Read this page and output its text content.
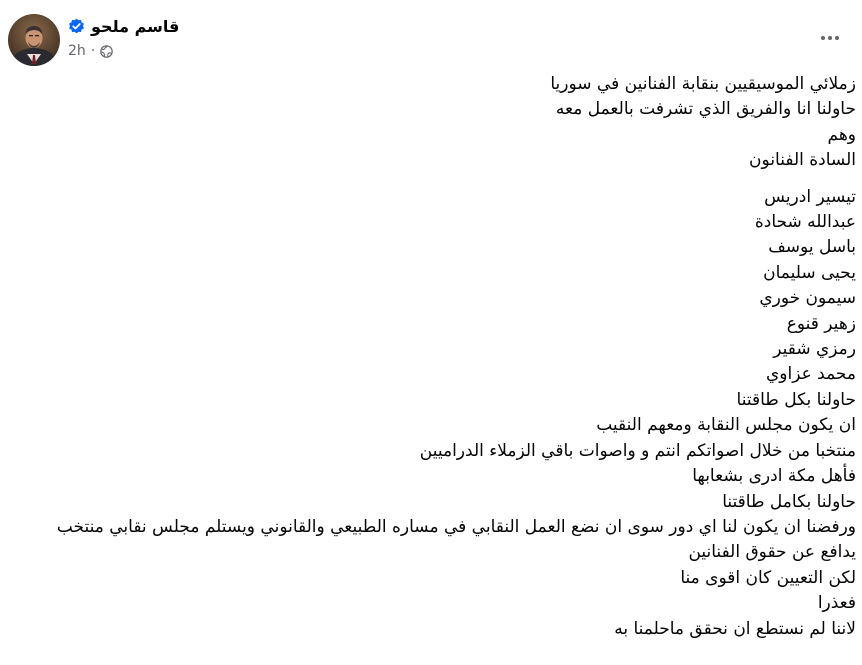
قاسم ملحو
2h ·

زملائي الموسيقيين بنقابة الفنانين في سوريا

حاولنا انا والفريق الذي تشرفت بالعمل معه

وهم

السادة الفنانون

تيسير ادريس

عبدالله شحادة

باسل يوسف

يحيى سليمان

سيمون خوري

زهير قنوع

رمزي شقير

محمد عزاوي

حاولنا بكل طاقتنا

ان يكون مجلس النقابة ومعهم النقيب

منتخبا من خلال اصواتكم انتم و واصوات باقي الزملاء الدراميين

فأهل مكة ادرى بشعابها

حاولنا بكامل طاقتنا

ورفضنا ان يكون لنا اي دور سوى ان نضع العمل النقابي في مساره الطبيعي والقانوني ويستلم مجلس نقابي منتخب

يدافع عن حقوق الفنانين

لكن التعيين كان اقوى منا

فعذرا

لاننا لم نستطع ان نحقق ماحلمنا به
